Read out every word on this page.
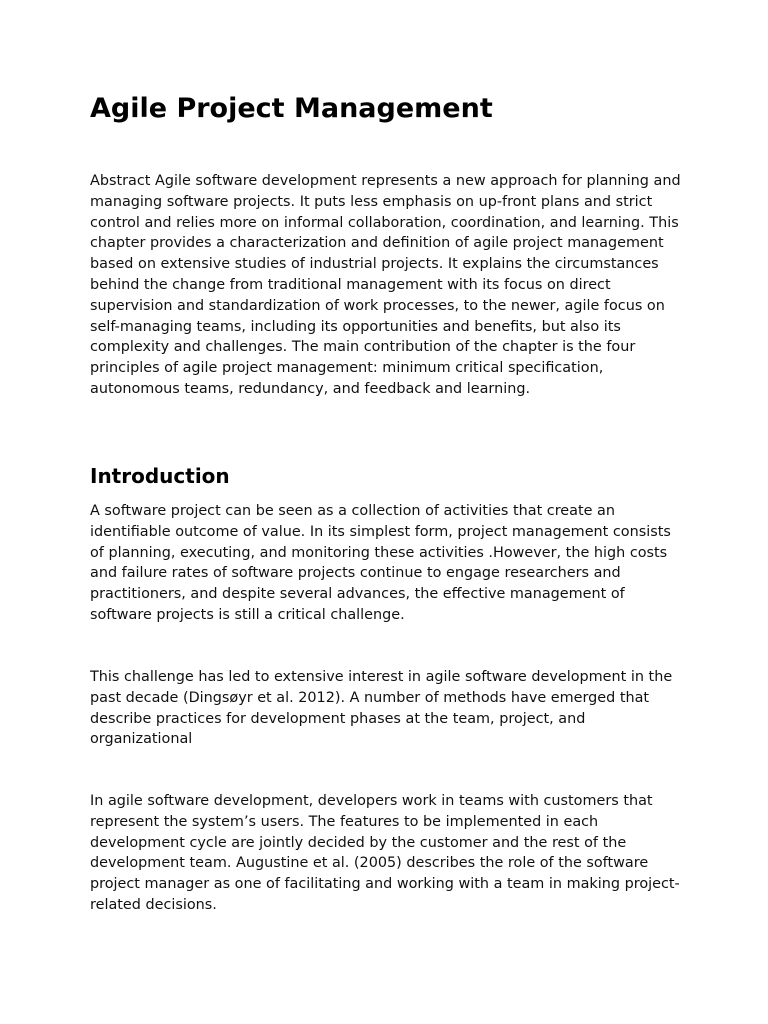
Agile Project Management

Abstract Agile software development represents a new approach for planning and managing software projects. It puts less emphasis on up-front plans and strict control and relies more on informal collaboration, coordination, and learning. This chapter provides a characterization and definition of agile project management based on extensive studies of industrial projects. It explains the circumstances behind the change from traditional management with its focus on direct supervision and standardization of work processes, to the newer, agile focus on self-managing teams, including its opportunities and benefits, but also its complexity and challenges. The main contribution of the chapter is the four principles of agile project management: minimum critical specification, autonomous teams, redundancy, and feedback and learning.

Introduction

A software project can be seen as a collection of activities that create an identifiable outcome of value. In its simplest form, project management consists of planning, executing, and monitoring these activities .However, the high costs and failure rates of software projects continue to engage researchers and practitioners, and despite several advances, the effective management of software projects is still a critical challenge.

This challenge has led to extensive interest in agile software development in the past decade (Dingsøyr et al. 2012). A number of methods have emerged that describe practices for development phases at the team, project, and organizational

In agile software development, developers work in teams with customers that represent the system’s users. The features to be implemented in each development cycle are jointly decided by the customer and the rest of the development team. Augustine et al. (2005) describes the role of the software project manager as one of facilitating and working with a team in making project-related decisions.
